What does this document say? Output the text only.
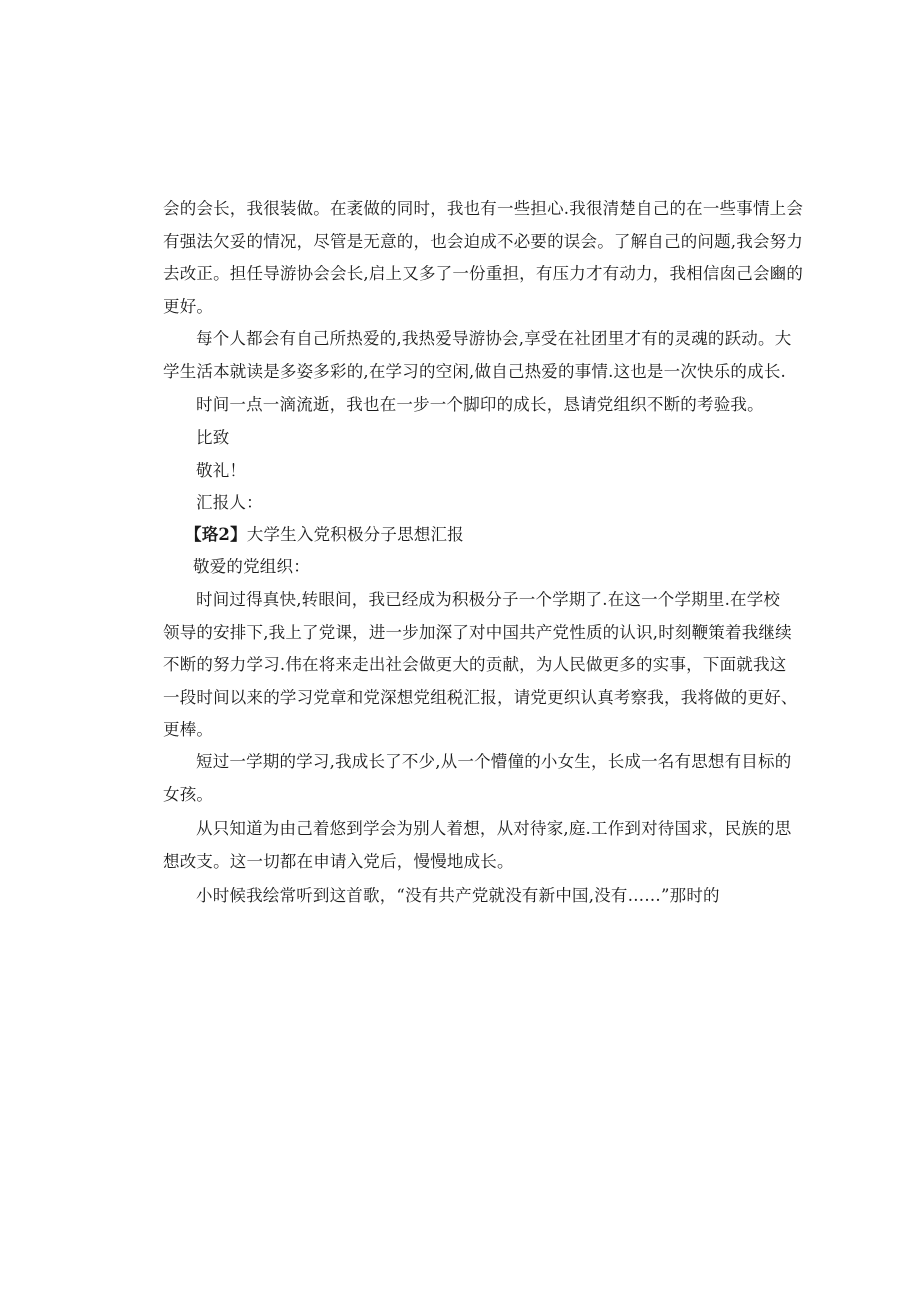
会的会长，我很装做。在袤做的同时，我也有一些担心.我很清楚自己的在一些事情上会

有强法欠妥的情况，尽管是无意的，也会迫成不必要的误会。了解自己的问题,我会努力

去改正。担任导游协会会长,启上又多了一份重担，有压力才有动力，我相信囱己会豳的

更好。

每个人都会有自己所热爱的,我热爱导游协会,享受在社团里才有的灵魂的跃动。大

学生活本就读是多姿多彩的,在学习的空闲,做自己热爱的事情.这也是一次快乐的成长.

时间一点一滴流逝，我也在一步一个脚印的成长，恳请党组织不断的考验我。

比致

敬礼！

汇报人：

【珞2】大学生入党积极分子思想汇报

敬爱的党组织：

时间过得真快,转眼间，我已经成为积极分子一个学期了.在这一个学期里.在学校

领导的安排下,我上了党课，进一步加深了对中国共产党性质的认识,时刻鞭策着我继续

不断的努力学习.伟在将来走出社会做更大的贡献，为人民做更多的实事，下面就我这

一段时间以来的学习党章和党深想党组税汇报，请党更织认真考察我，我将做的更好、

更棒。

短过一学期的学习,我成长了不少,从一个懵僮的小女生，长成一名有思想有目标的

女孩。

从只知道为由己着悠到学会为别人着想，从对待家,庭.工作到对待国求，民族的思

想改支。这一切都在申请入党后，慢慢地成长。

小时候我绘常听到这首歌，“没有共产党就没有新中国,没有……”那时的
